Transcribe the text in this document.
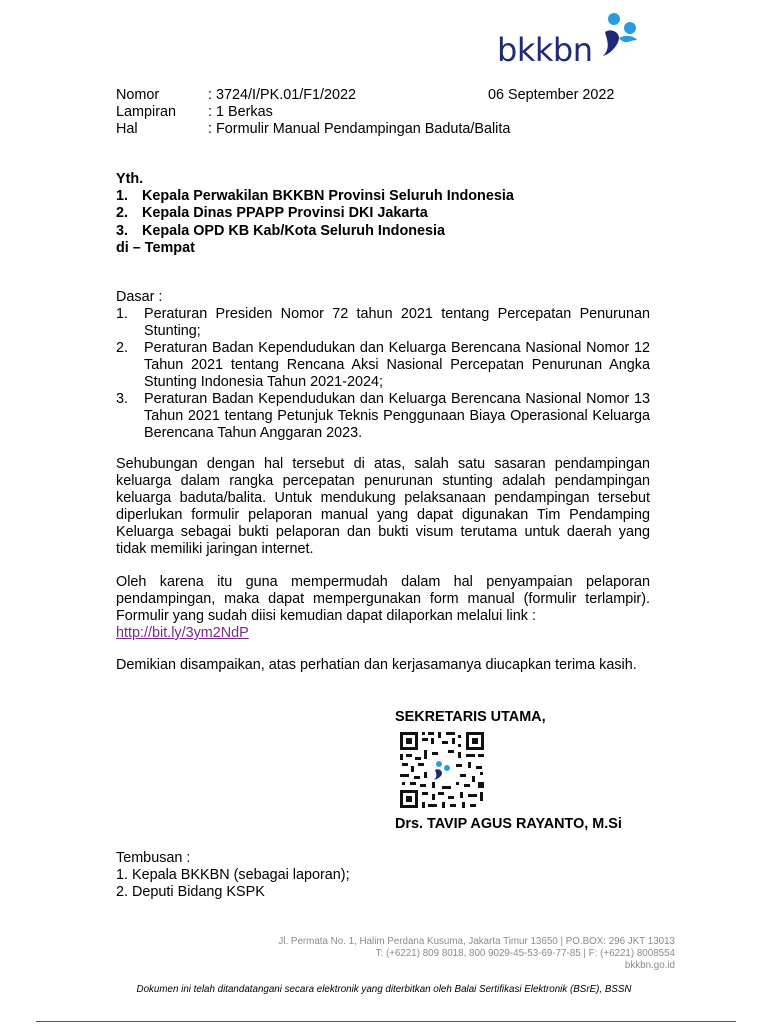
bkkbn
Nomor	: 3724/I/PK.01/F1/2022
Lampiran	: 1 Berkas
Hal	: Formulir Manual Pendampingan Baduta/Balita
06 September 2022
Yth.
1. Kepala Perwakilan BKKBN Provinsi Seluruh Indonesia
2. Kepala Dinas PPAPP Provinsi DKI Jakarta
3. Kepala OPD KB Kab/Kota Seluruh Indonesia
di – Tempat
Dasar :
1.	Peraturan Presiden Nomor 72 tahun 2021 tentang Percepatan Penurunan Stunting;
2.	Peraturan Badan Kependudukan dan Keluarga Berencana Nasional Nomor 12 Tahun 2021 tentang Rencana Aksi Nasional Percepatan Penurunan Angka Stunting Indonesia Tahun 2021-2024;
3.	Peraturan Badan Kependudukan dan Keluarga Berencana Nasional Nomor 13 Tahun 2021 tentang Petunjuk Teknis Penggunaan Biaya Operasional Keluarga Berencana Tahun Anggaran 2023.
Sehubungan dengan hal tersebut di atas, salah satu sasaran pendampingan keluarga dalam rangka percepatan penurunan stunting adalah pendampingan keluarga baduta/balita. Untuk mendukung pelaksanaan pendampingan tersebut diperlukan formulir pelaporan manual yang dapat digunakan Tim Pendamping Keluarga sebagai bukti pelaporan dan bukti visum terutama untuk daerah yang tidak memiliki jaringan internet.
Oleh karena itu guna mempermudah dalam hal penyampaian pelaporan pendampingan, maka dapat mempergunakan form manual (formulir terlampir). Formulir yang sudah diisi kemudian dapat dilaporkan melalui link :
http://bit.ly/3ym2NdP
Demikian disampaikan, atas perhatian dan kerjasamanya diucapkan terima kasih.
SEKRETARIS UTAMA,
Drs. TAVIP AGUS RAYANTO, M.Si
Tembusan :
1. Kepala BKKBN (sebagai laporan);
2. Deputi Bidang KSPK
Jl. Permata No. 1, Halim Perdana Kusuma, Jakarta Timur 13650 | PO.BOX: 296 JKT 13013
T: (+6221) 809 8018, 800 9029-45-53-69-77-85 | F: (+6221) 8008554
bkkbn.go.id
Dokumen ini telah ditandatangani secara elektronik yang diterbitkan oleh Balai Sertifikasi Elektronik (BSrE), BSSN
